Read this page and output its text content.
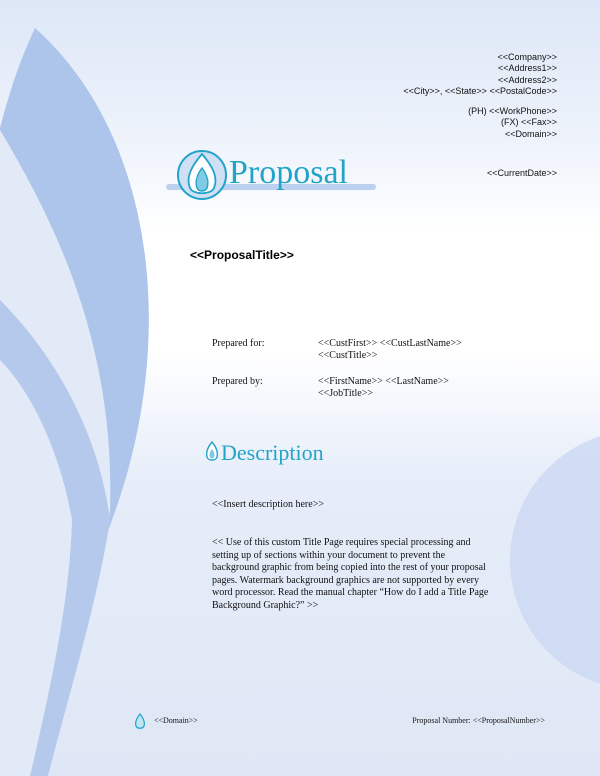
<<Company>>
<<Address1>>
<<Address2>>
<<City>>, <<State>> <<PostalCode>>
(PH) <<WorkPhone>>
(FX) <<Fax>>
<<Domain>>
<<CurrentDate>>
Proposal
<<ProposalTitle>>
Prepared for:	<<CustFirst>> <<CustLastName>>
<<CustTitle>>
Prepared by:	<<FirstName>> <<LastName>>
<<JobTitle>>
Description
<<Insert description here>>
<< Use of this custom Title Page requires special processing and
setting up of sections within your document to prevent the
background graphic from being copied into the rest of your proposal
pages. Watermark background graphics are not supported by every
word processor. Read the manual chapter “How do I add a Title Page
Background Graphic?” >>
<<Domain>>	Proposal Number: <<ProposalNumber>>
